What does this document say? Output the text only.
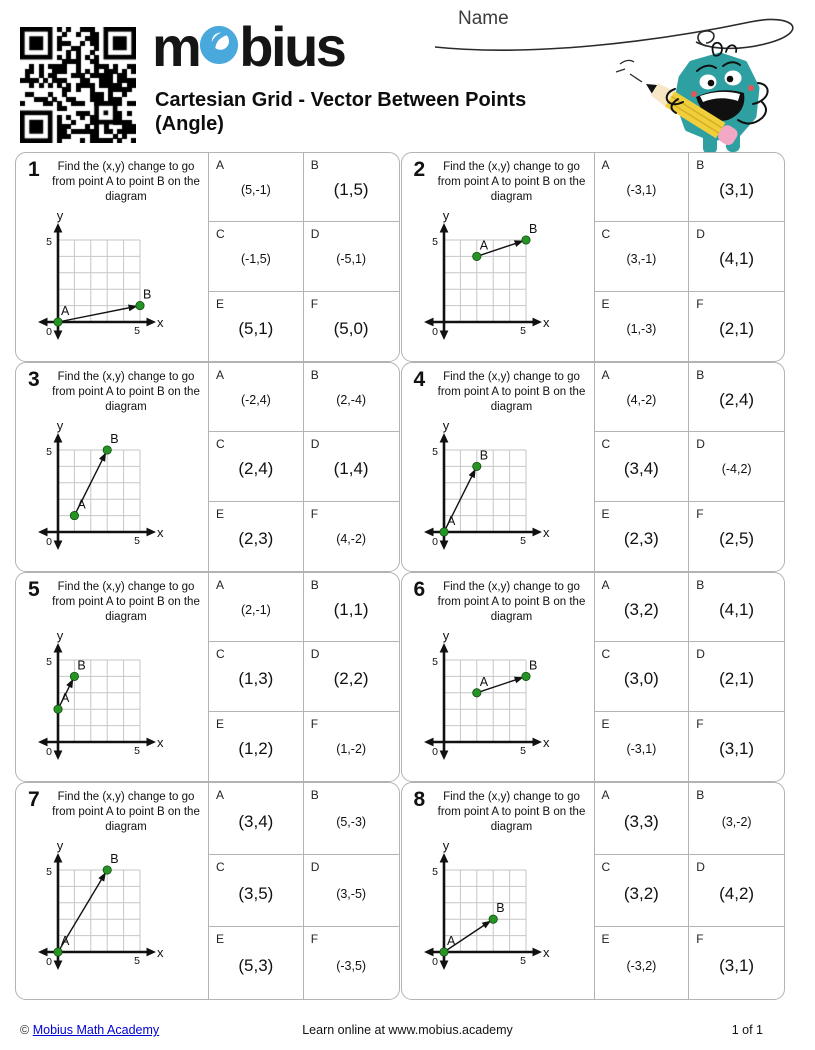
m bius
Cartesian Grid - Vector Between Points
(Angle)
Name
1	Find the (x,y) change to go from point A to point B on the diagram
y
x
5
5
0
A
B
A
(5,-1)
B
(1,5)
C
(-1,5)
D
(-5,1)
E
(5,1)
F
(5,0)
2	Find the (x,y) change to go from point A to point B on the diagram
y
x
5
5
0
A
B
A
(-3,1)
B
(3,1)
C
(3,-1)
D
(4,1)
E
(1,-3)
F
(2,1)
3	Find the (x,y) change to go from point A to point B on the diagram
y
x
5
5
0
A
B
A
(-2,4)
B
(2,-4)
C
(2,4)
D
(1,4)
E
(2,3)
F
(4,-2)
4	Find the (x,y) change to go from point A to point B on the diagram
y
x
5
5
0
A
B
A
(4,-2)
B
(2,4)
C
(3,4)
D
(-4,2)
E
(2,3)
F
(2,5)
5	Find the (x,y) change to go from point A to point B on the diagram
y
x
5
5
0
A
B
A
(2,-1)
B
(1,1)
C
(1,3)
D
(2,2)
E
(1,2)
F
(1,-2)
6	Find the (x,y) change to go from point A to point B on the diagram
y
x
5
5
0
A
B
A
(3,2)
B
(4,1)
C
(3,0)
D
(2,1)
E
(-3,1)
F
(3,1)
7	Find the (x,y) change to go from point A to point B on the diagram
y
x
5
5
0
A
B
A
(3,4)
B
(5,-3)
C
(3,5)
D
(3,-5)
E
(5,3)
F
(-3,5)
8	Find the (x,y) change to go from point A to point B on the diagram
y
x
5
5
0
A
B
A
(3,3)
B
(3,-2)
C
(3,2)
D
(4,2)
E
(-3,2)
F
(3,1)
© Mobius Math Academy	Learn online at www.mobius.academy	1 of 1
